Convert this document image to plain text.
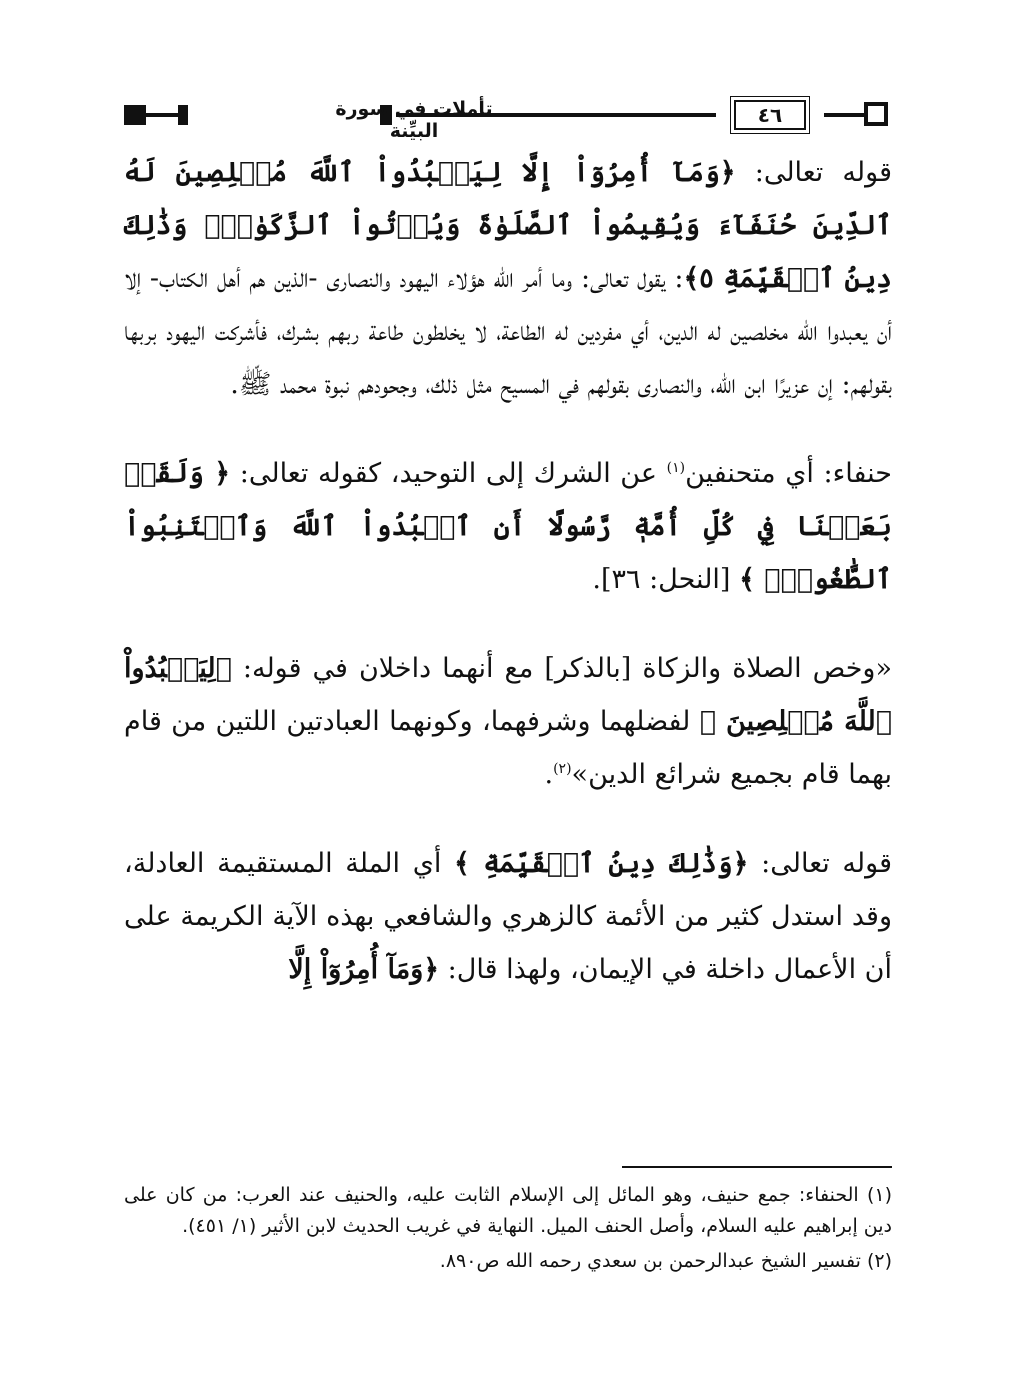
٤٦
تأملات في سورة البيِّنة

قوله تعالى: ﴿وَمَآ أُمِرُوٓاْ إِلَّا لِيَعۡبُدُواْ ٱللَّهَ مُخۡلِصِينَ لَهُ ٱلدِّينَ حُنَفَآءَ وَيُقِيمُواْ ٱلصَّلَوٰةَ وَيُؤۡتُواْ ٱلزَّكَوٰةَۚ وَذَٰلِكَ دِينُ ٱلۡقَيِّمَةِ ٥﴾: يقول تعالى: وما أمر الله هؤلاء اليهود والنصارى -الذين هم أهل الكتاب- إلا أن يعبدوا الله مخلصين له الدين، أي مفردين له الطاعة، لا يخلطون طاعة ربهم بشرك، فأشركت اليهود بربها بقولهم: إن عزيرًا ابن الله، والنصارى بقولهم في المسيح مثل ذلك، وجحودهم نبوة محمد ﷺ.

حنفاء: أي متحنفين$^{(١)}$ عن الشرك إلى التوحيد، كقوله تعالى: ﴿ وَلَقَدۡ بَعَثۡنَا فِي كُلِّ أُمَّةٖ رَّسُولًا أَنِ ٱعۡبُدُواْ ٱللَّهَ وَٱجۡتَنِبُواْ ٱلطَّٰغُوتَۖ ﴾ [النحل: ٣٦].

«وخص الصلاة والزكاة [بالذكر] مع أنهما داخلان في قوله: ﴿لِيَعۡبُدُواْ ٱللَّهَ مُخۡلِصِينَ ﴾ لفضلهما وشرفهما، وكونهما العبادتين اللتين من قام بهما قام بجميع شرائع الدين»$^{(٢)}$.

قوله تعالى: ﴿وَذَٰلِكَ دِينُ ٱلۡقَيِّمَةِ ﴾ أي الملة المستقيمة العادلة، وقد استدل كثير من الأئمة كالزهري والشافعي بهذه الآية الكريمة على أن الأعمال داخلة في الإيمان، ولهذا قال: ﴿وَمَآ أُمِرُوٓاْ إِلَّا

(١) الحنفاء: جمع حنيف، وهو المائل إلى الإسلام الثابت عليه، والحنيف عند العرب: من كان على دين إبراهيم عليه السلام، وأصل الحنف الميل. النهاية في غريب الحديث لابن الأثير (١/ ٤٥١).

(٢) تفسير الشيخ عبدالرحمن بن سعدي رحمه الله ص٨٩٠.
